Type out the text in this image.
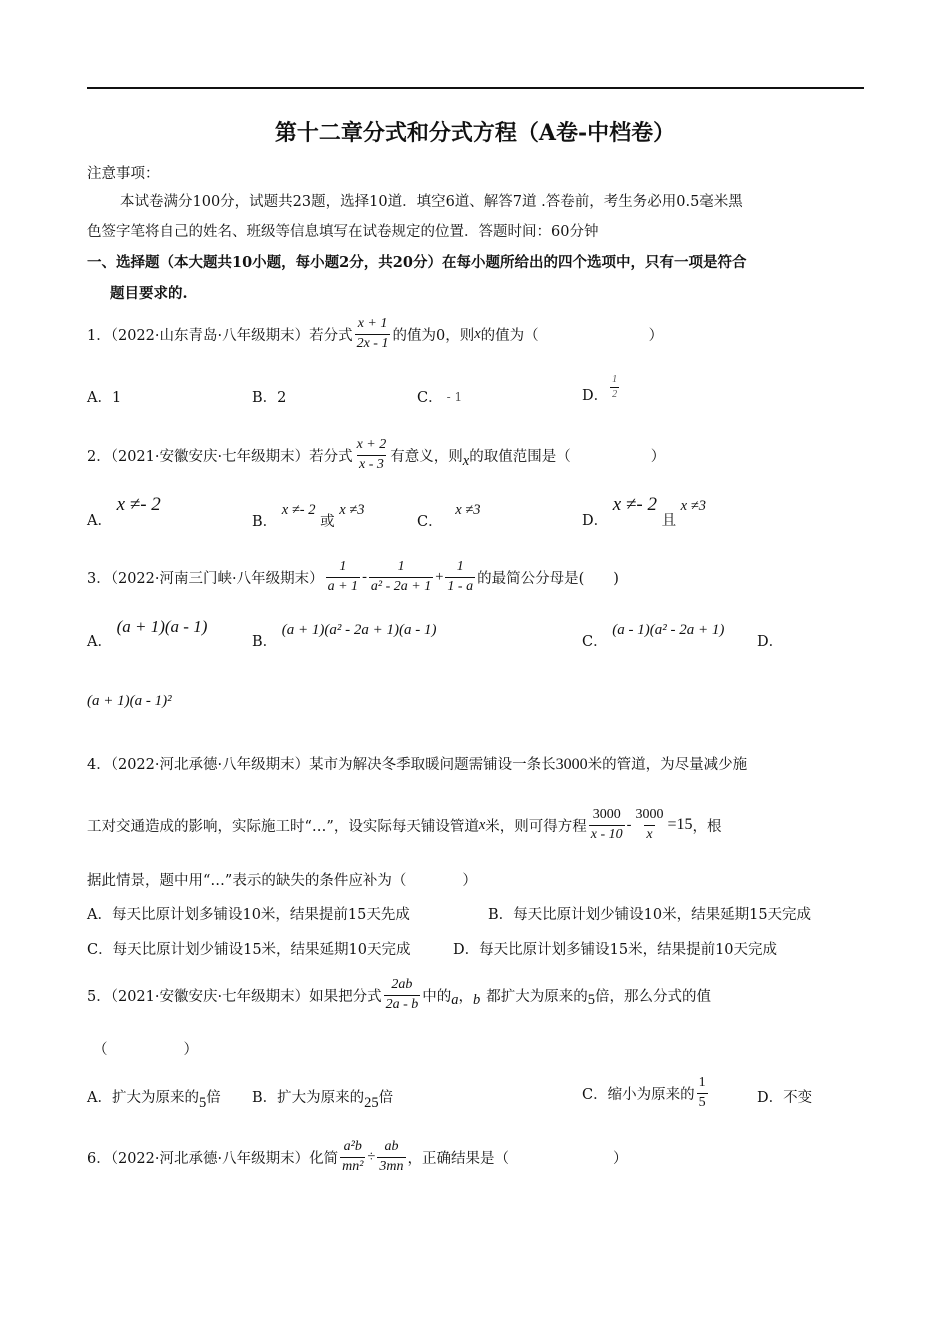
第十二章分式和分式方程（A卷-中档卷）
注意事项：
本试卷满分100分，试题共23题，选择10道．填空6道、解答7道 .答卷前，考生务必用0.5毫米黑
色签字笔将自己的姓名、班级等信息填写在试卷规定的位置．答题时间：60分钟
一、选择题（本大题共10小题，每小题2分，共20分）在每小题所给出的四个选项中，只有一项是符合
题目要求的.
1．（2022·山东青岛·八年级期末）若分式 $\frac{x + 1}{2x - 1}$ 的值为0，则 x 的值为（	）
A．1	B．2	C． - 1	D． $\frac{1}{2}$
2．（2021·安徽安庆·七年级期末）若分式 $\frac{x + 2}{x - 3}$ 有意义，则 x 的取值范围是（	）
A． x ≠- 2
B． x ≠- 2 或 x ≠3
C． x ≠3
D． x ≠- 2 且 x ≠3
3．（2022·河南三门峡·八年级期末） $\frac{1}{a + 1} - \frac{1}{\text{a² - 2a + 1}} + \frac{1}{1 - a}$ 的最简公分母是(　　)
A． (a + 1)(a - 1)
B． (a + 1)(a² - 2a + 1)(a - 1)
C． (a - 1)(a² - 2a + 1)
D．
(a + 1)(a - 1)²
4．（2022·河北承德·八年级期末）某市为解决冬季取暖问题需铺设一条长3000米的管道，为尽量减少施
工对交通造成的影响，实际施工时“…”，设实际每天铺设管道 x 米，则可得方程 $\frac{3000}{x - 10} - \frac{3000}{x} =15$ ，根
据此情景，题中用“…”表示的缺失的条件应补为（	）
A．每天比原计划多铺设10米，结果提前15天先成	B．每天比原计划少铺设10米，结果延期15天完成
C．每天比原计划少铺设15米，结果延期10天完成	D．每天比原计划多铺设15米，结果提前10天完成
5．（2021·安徽安庆·七年级期末）如果把分式 $\frac{2ab}{2a - b}$ 中的 a ， b 都扩大为原来的 5 倍，那么分式的值
（	）
A．扩大为原来的5倍 B．扩大为原来的25倍	C．缩小为原来的 $\frac{1}{5}$	D．不变
6．（2022·河北承德·八年级期末）化简 $\frac{\text{a²b}}{\text{mn²}} \div \frac{ab}{3mn}$ ，正确结果是（	）
